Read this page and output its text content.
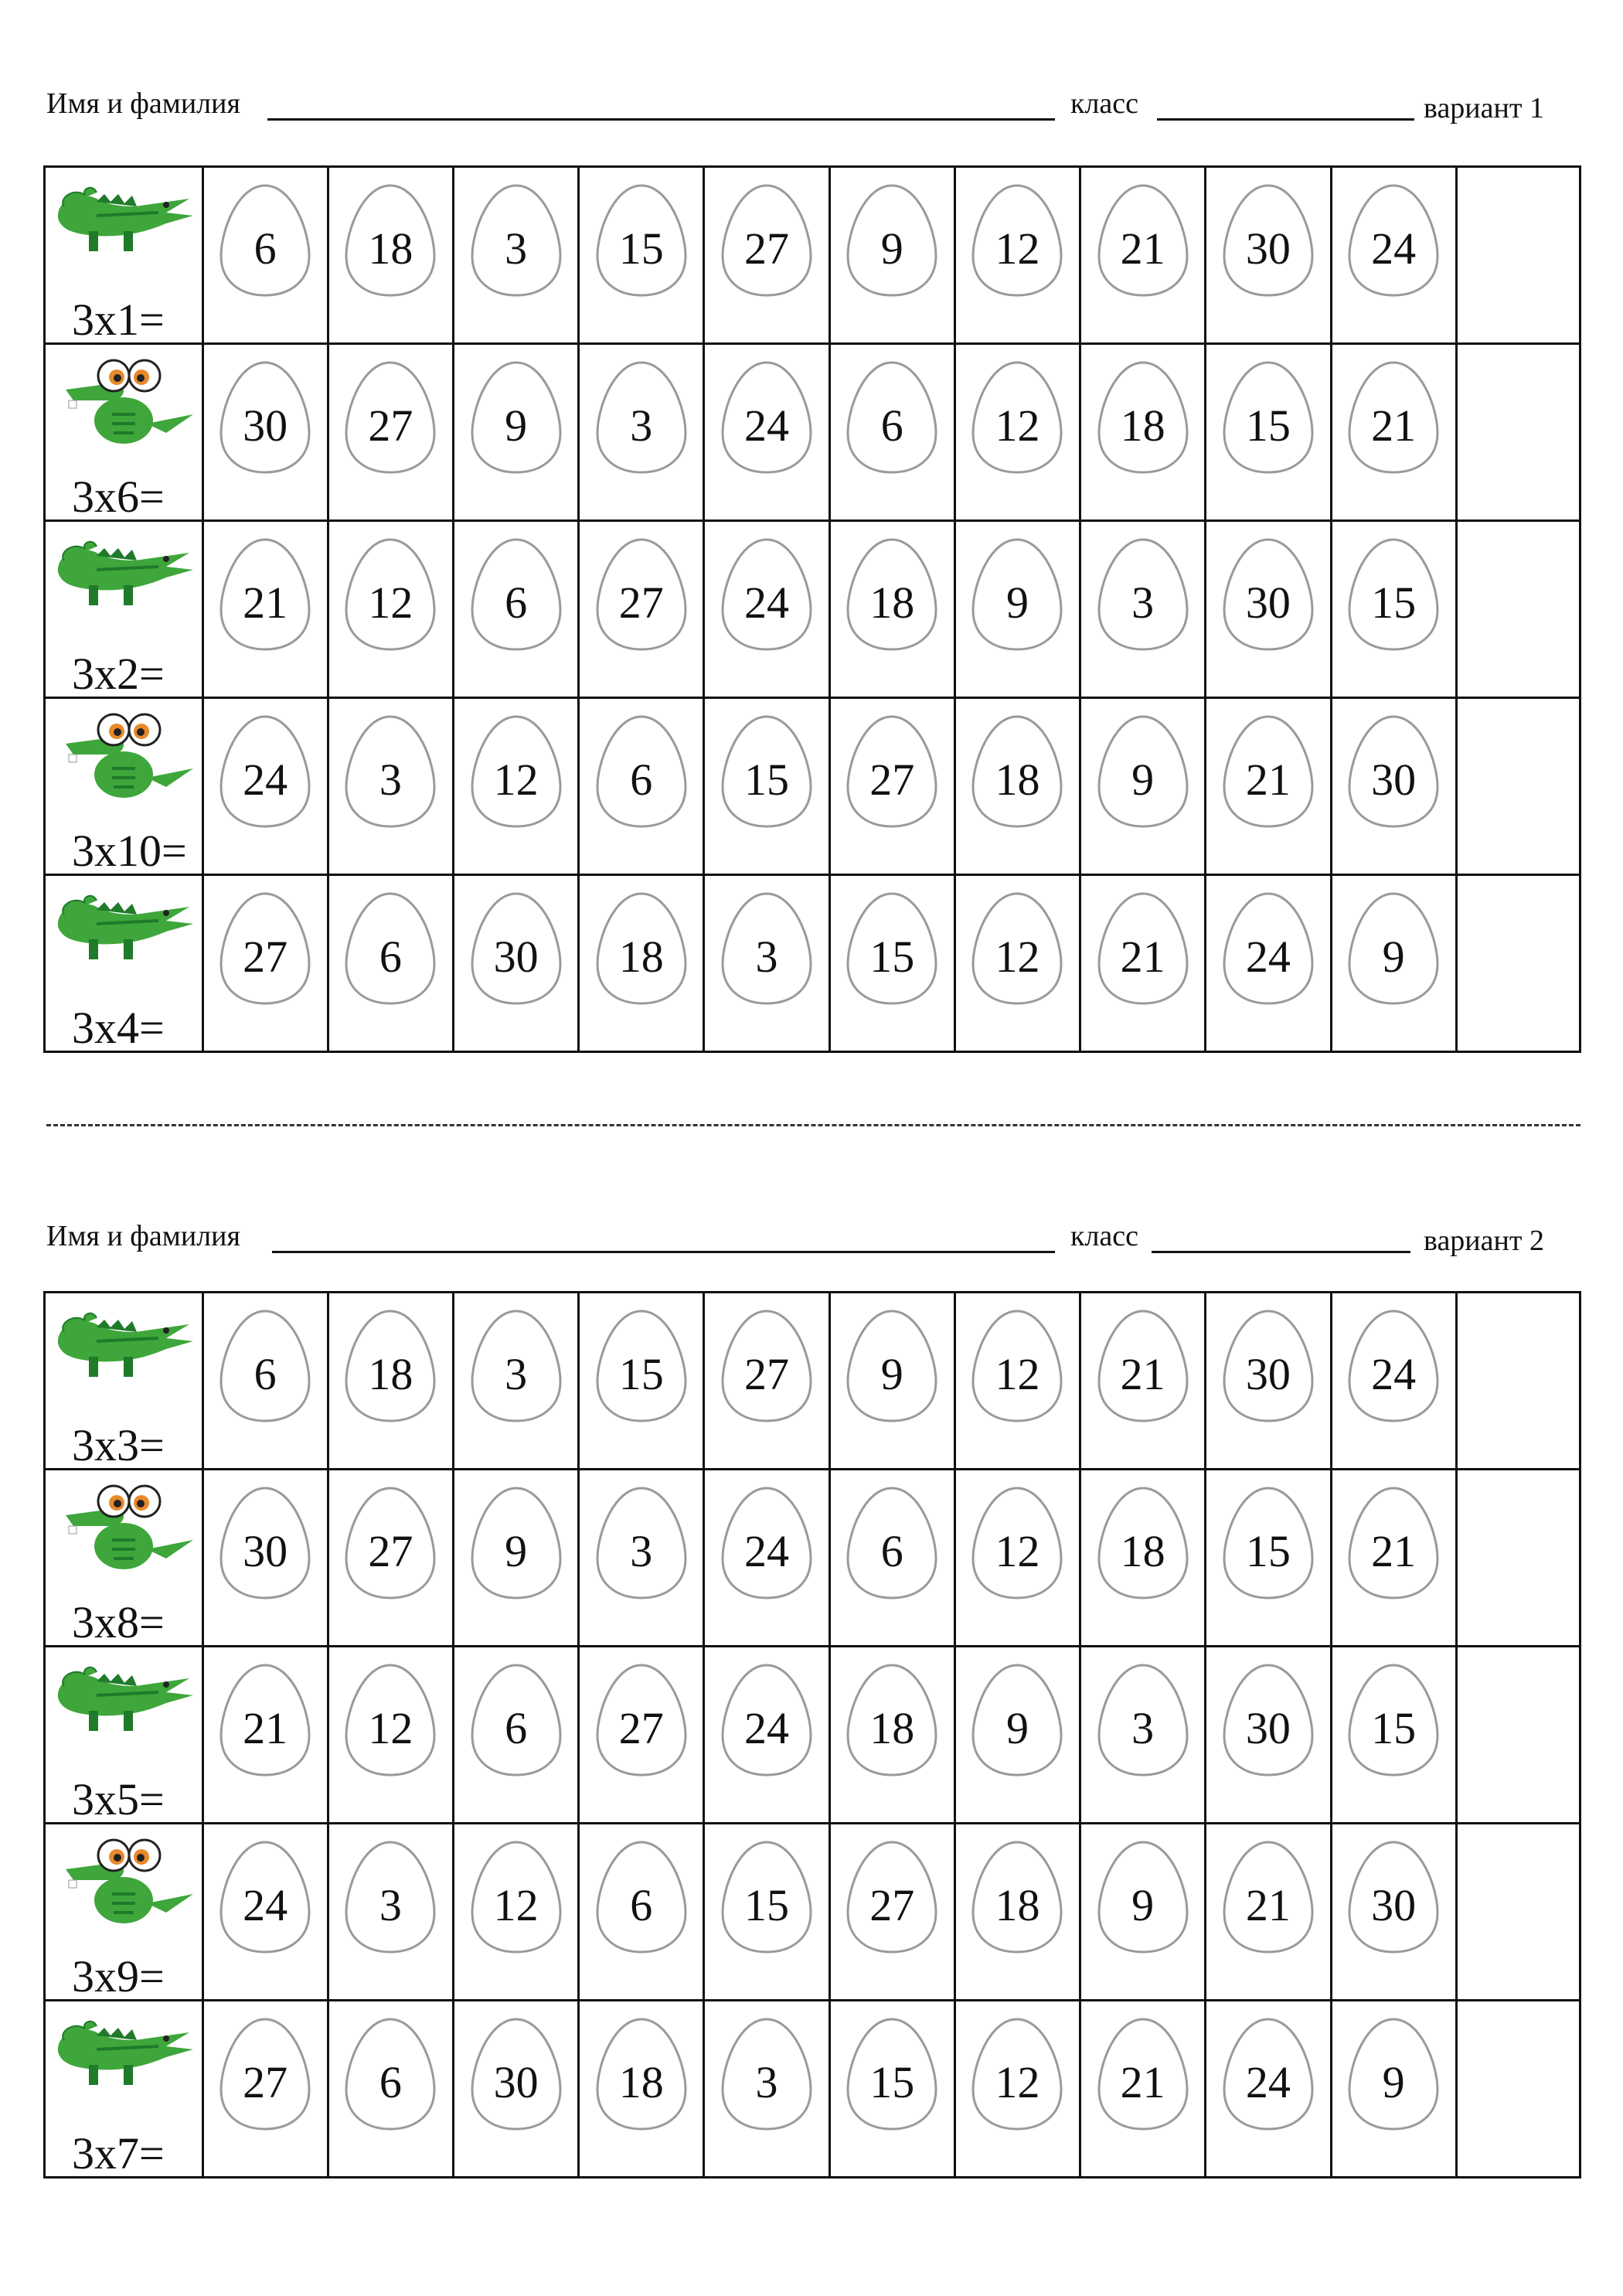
Имя и фамилия	класс	вариант 1
3x1=	6	18	3	15	27	9	12	21	30	24	

3x6=	30	27	9	3	24	6	12	18	15	21	

3x2=	21	12	6	27	24	18	9	3	30	15	

3x10=	24	3	12	6	15	27	18	9	21	30	

3x4=	27	6	30	18	3	15	12	21	24	9	

Имя и фамилия	класс	вариант 2
3x3=	6	18	3	15	27	9	12	21	30	24	

3x8=	30	27	9	3	24	6	12	18	15	21	

3x5=	21	12	6	27	24	18	9	3	30	15	

3x9=	24	3	12	6	15	27	18	9	21	30	

3x7=	27	6	30	18	3	15	12	21	24	9	
